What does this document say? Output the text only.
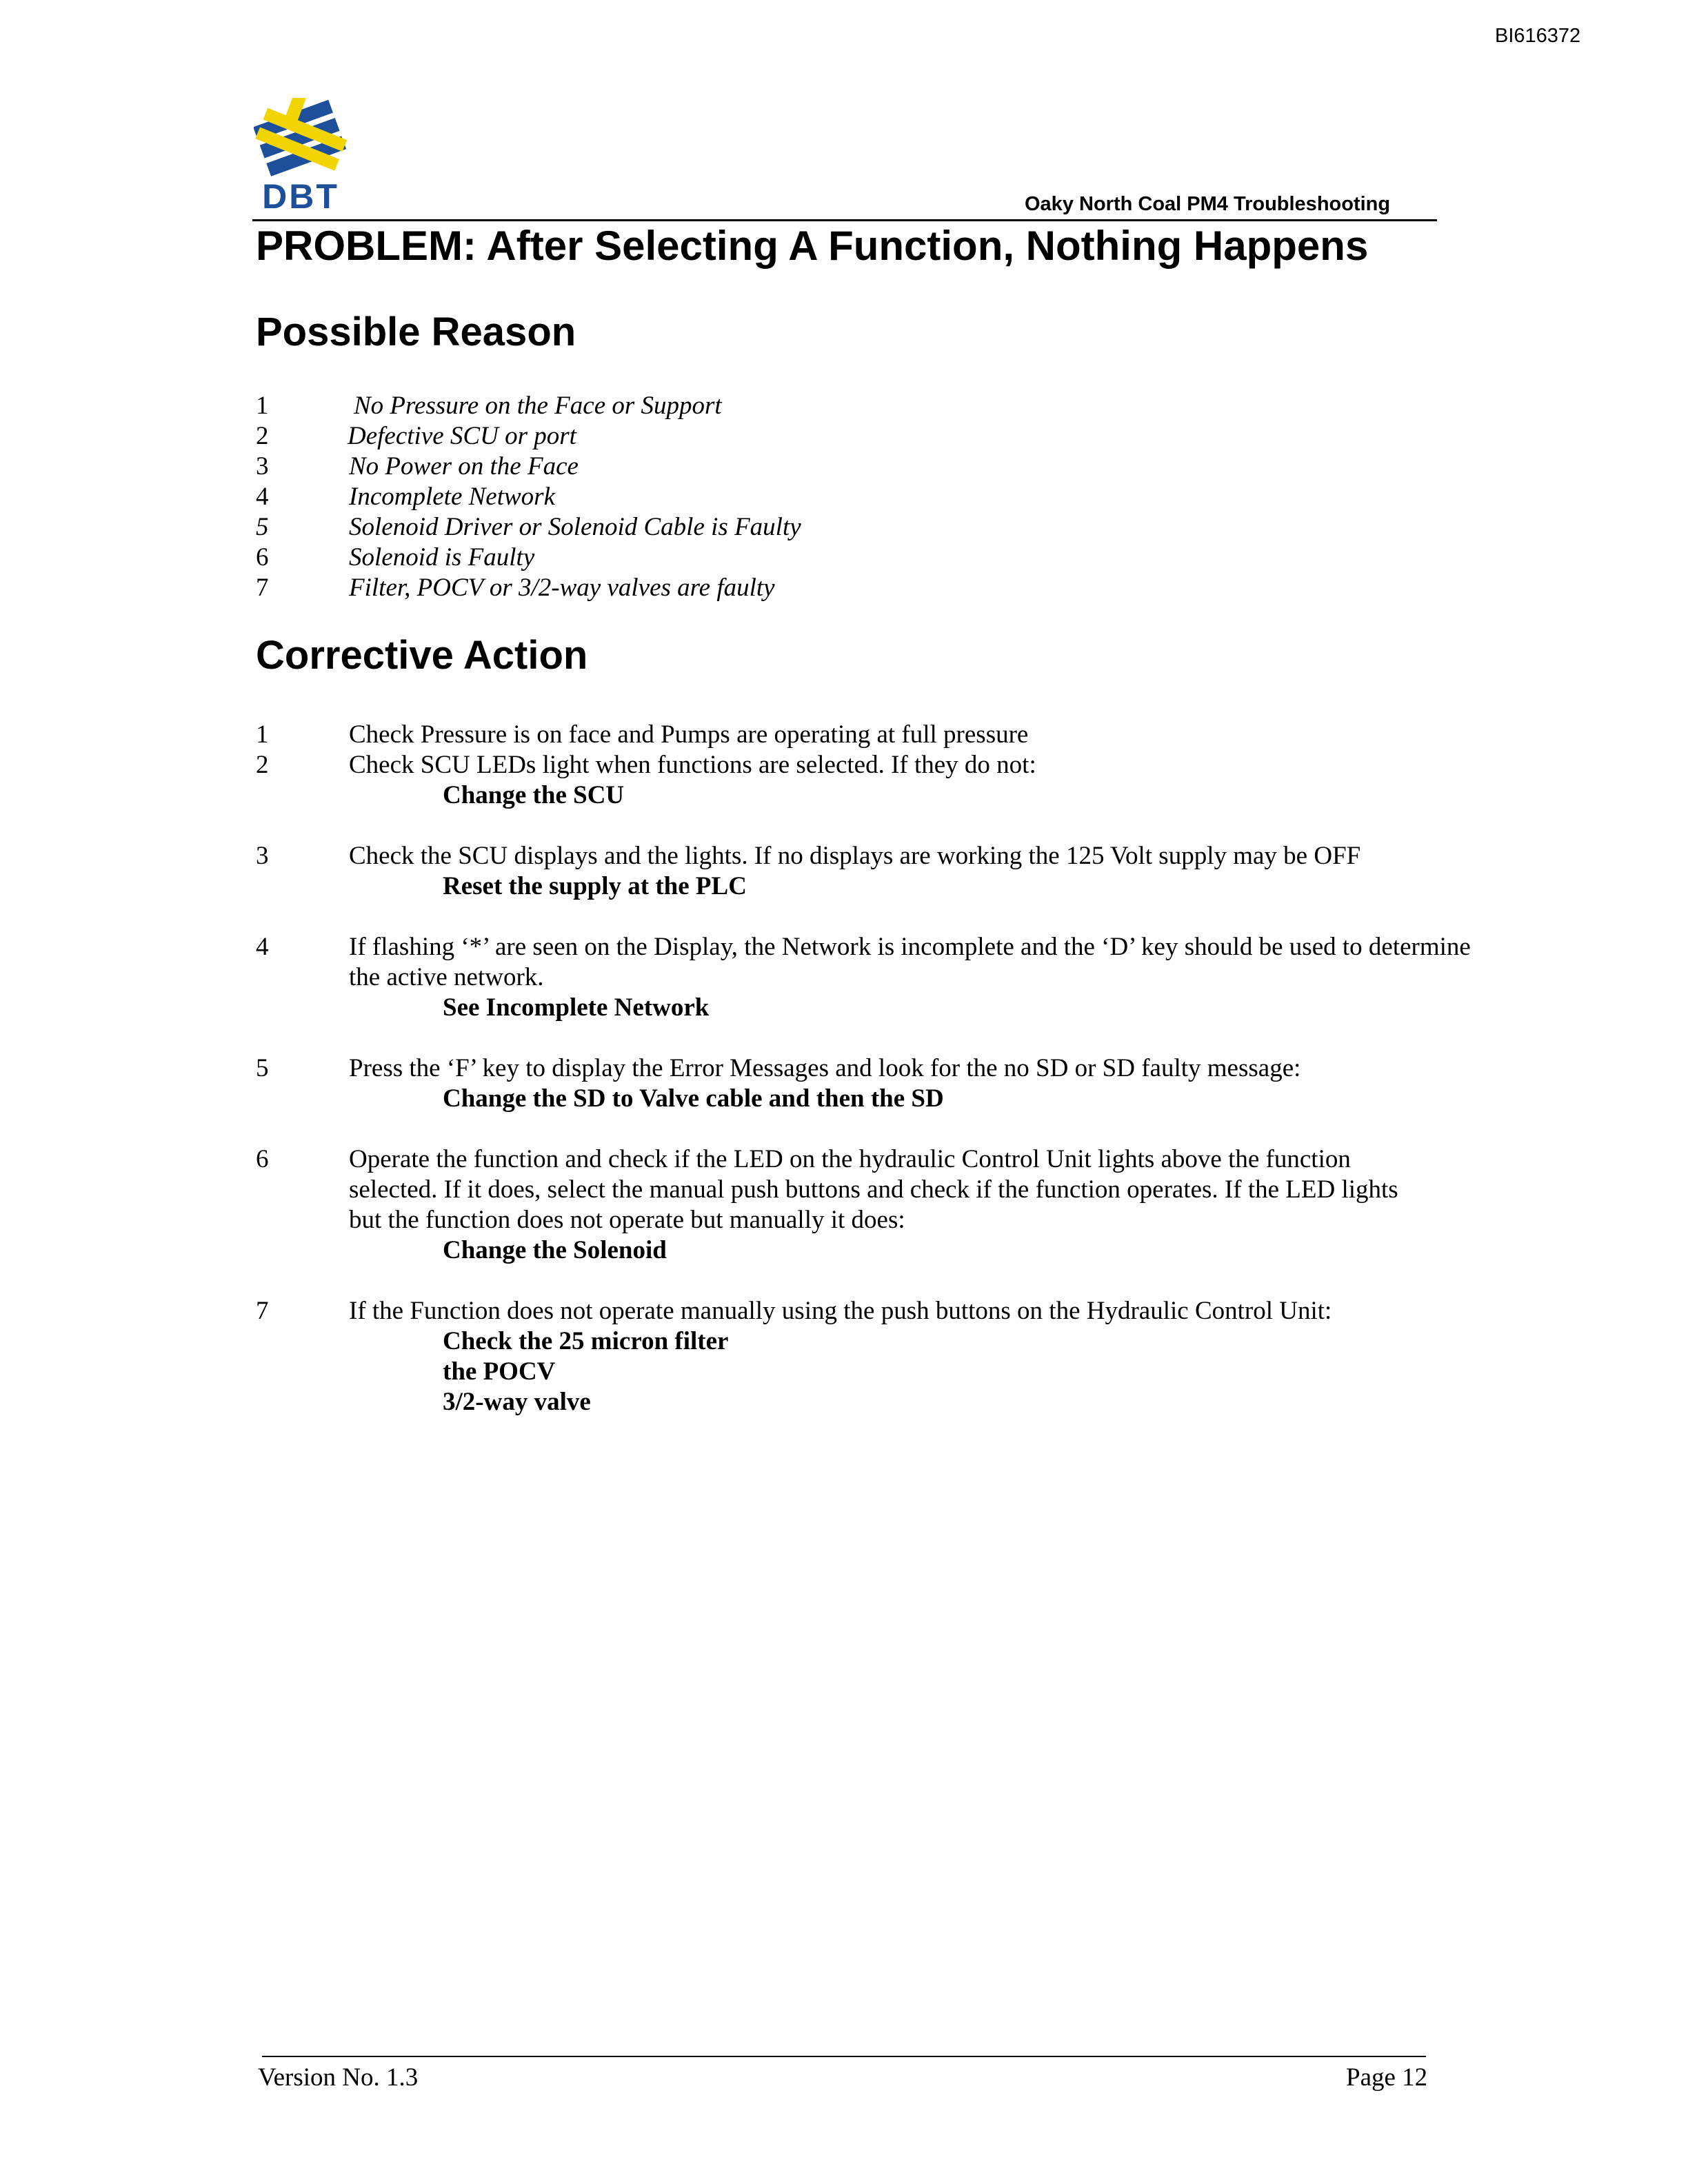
BI616372
DBT	Oaky North Coal PM4 Troubleshooting
PROBLEM: After Selecting A Function, Nothing Happens
Possible Reason
1	No Pressure on the Face or Support
2	Defective SCU or port
3	No Power on the Face
4	Incomplete Network
5	Solenoid Driver or Solenoid Cable is Faulty
6	Solenoid is Faulty
7	Filter, POCV or 3/2-way valves are faulty
Corrective Action
1	Check Pressure is on face and Pumps are operating at full pressure
2	Check SCU LEDs light when functions are selected. If they do not:
Change the SCU
3	Check the SCU displays and the lights. If no displays are working the 125 Volt supply may be OFF
Reset the supply at the PLC
4	If flashing ‘*’ are seen on the Display, the Network is incomplete and the ‘D’ key should be used to determine the active network.
See Incomplete Network
5	Press the ‘F’ key to display the Error Messages and look for the no SD or SD faulty message:
Change the SD to Valve cable and then the SD
6	Operate the function and check if the LED on the hydraulic Control Unit lights above the function selected. If it does, select the manual push buttons and check if the function operates. If the LED lights but the function does not operate but manually it does:
Change the Solenoid
7	If the Function does not operate manually using the push buttons on the Hydraulic Control Unit:
Check the 25 micron filter
the POCV
3/2-way valve
Version No. 1.3	Page 12
